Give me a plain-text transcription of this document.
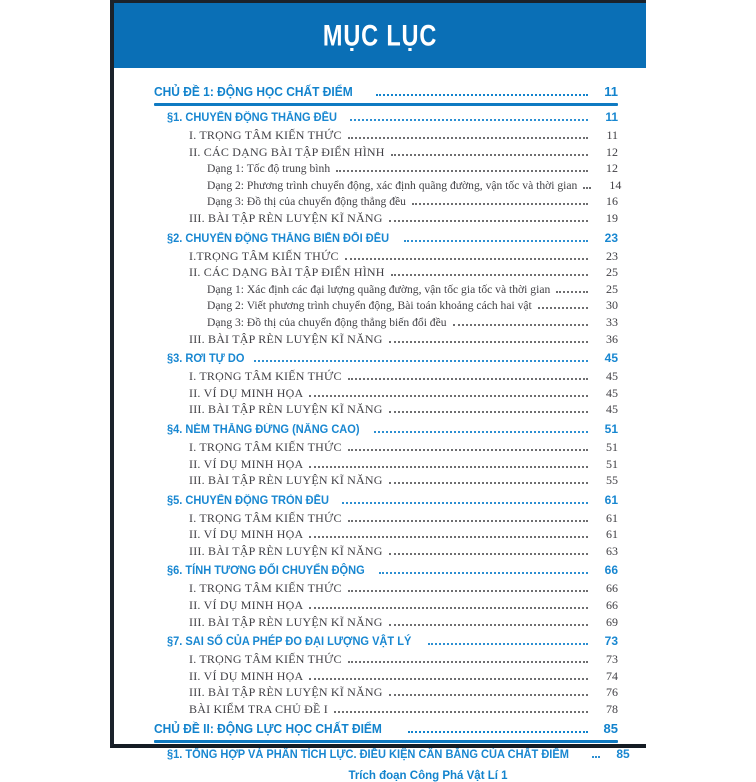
MỤC LỤC
CHỦ ĐỀ 1: ĐỘNG HỌC CHẤT ĐIỂM	11
§1. CHUYỂN ĐỘNG THẲNG ĐỀU	11
I. TRỌNG TÂM KIẾN THỨC	11
II. CÁC DẠNG BÀI TẬP ĐIỂN HÌNH	12
Dạng 1: Tốc độ trung bình	12
Dạng 2: Phương trình chuyển động, xác định quãng đường, vận tốc và thời gian	14
Dạng 3: Đồ thị của chuyển động thẳng đều	16
III. BÀI TẬP RÈN LUYỆN KĨ NĂNG	19
§2. CHUYỂN ĐỘNG THẲNG BIẾN ĐỔI ĐỀU	23
I.TRỌNG TÂM KIẾN THỨC	23
II. CÁC DẠNG BÀI TẬP ĐIỂN HÌNH	25
Dạng 1: Xác định các đại lượng quãng đường, vận tốc gia tốc và thời gian	25
Dạng 2: Viết phương trình chuyển động, Bài toán khoảng cách hai vật	30
Dạng 3: Đồ thị của chuyển động thẳng biến đổi đều	33
III. BÀI TẬP RÈN LUYỆN KĨ NĂNG	36
§3. RƠI TỰ DO	45
I. TRỌNG TÂM KIẾN THỨC	45
II. VÍ DỤ MINH HỌA	45
III. BÀI TẬP RÈN LUYỆN KĨ NĂNG	45
§4. NÉM THẲNG ĐỨNG (NÂNG CAO)	51
I. TRỌNG TÂM KIẾN THỨC	51
II. VÍ DỤ MINH HỌA	51
III. BÀI TẬP RÈN LUYỆN KĨ NĂNG	55
§5. CHUYỂN ĐỘNG TRÒN ĐỀU	61
I. TRỌNG TÂM KIẾN THỨC	61
II. VÍ DỤ MINH HỌA	61
III. BÀI TẬP RÈN LUYỆN KĨ NĂNG	63
§6. TÍNH TƯƠNG ĐỐI CHUYỂN ĐỘNG	66
I. TRỌNG TÂM KIẾN THỨC	66
II. VÍ DỤ MINH HỌA	66
III. BÀI TẬP RÈN LUYỆN KĨ NĂNG	69
§7. SAI SỐ CỦA PHÉP ĐO ĐẠI LƯỢNG VẬT LÝ	73
I. TRỌNG TÂM KIẾN THỨC	73
II. VÍ DỤ MINH HỌA	74
III. BÀI TẬP RÈN LUYỆN KĨ NĂNG	76
BÀI KIỂM TRA CHỦ ĐỀ I	78
CHỦ ĐỀ II: ĐỘNG LỰC HỌC CHẤT ĐIỂM	85
§1. TỔNG HỢP VÀ PHÂN TÍCH LỰC. ĐIỀU KIỆN CÂN BẰNG CỦA CHẤT ĐIỂM	85
Trích đoạn Công Phá Vật Lí 1
